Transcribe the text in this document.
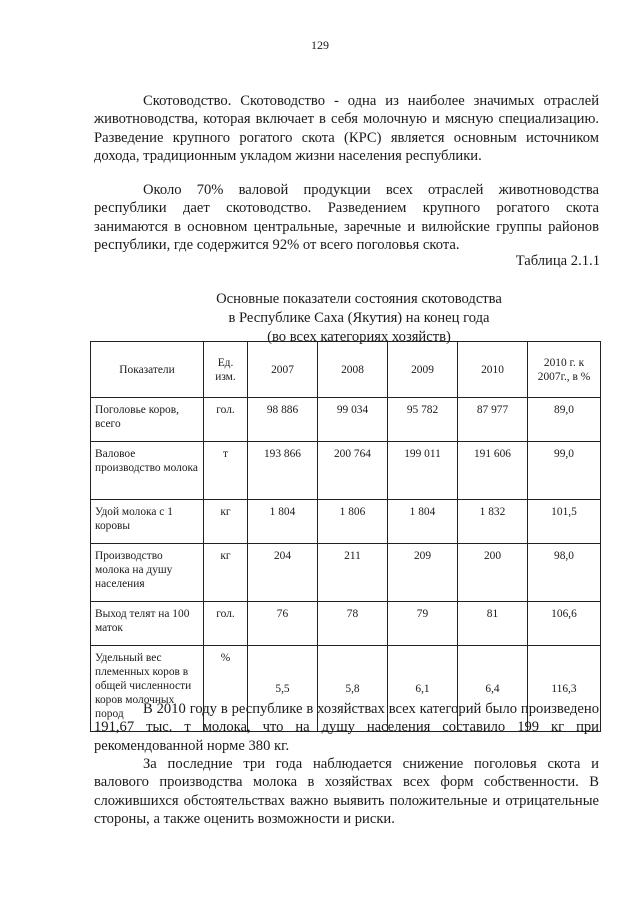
129

Скотоводство. Скотоводство - одна из наиболее значимых отраслей животноводства, которая включает в себя молочную и мясную специализацию. Разведение крупного рогатого скота (КРС) является основным источником дохода, традиционным укладом жизни населения республики.

Около 70% валовой продукции всех отраслей животноводства республики дает скотоводство. Разведением крупного рогатого скота занимаются в основном центральные, заречные и вилюйские группы районов республики, где содержится 92% от всего поголовья скота.

Таблица 2.1.1
Основные показатели состояния скотоводства
в Республике Саха (Якутия) на конец года
(во всех категориях хозяйств)
Показатели	Ед. изм.	2007	2008	2009	2010	2010 г. к 2007г., в %
Поголовье коров, всего	гол.	98 886	99 034	95 782	87 977	89,0
Валовое производство молока	т	193 866	200 764	199 011	191 606	99,0
Удой молока с 1 коровы	кг	1 804	1 806	1 804	1 832	101,5
Производство молока на душу населения	кг	204	211	209	200	98,0
Выход телят на 100 маток	гол.	76	78	79	81	106,6
Удельный вес племенных коров в общей численности коров молочных пород	%	5,5	5,8	6,1	6,4	116,3

В 2010 году в республике в хозяйствах всех категорий было произведено 191,67 тыс. т молока, что на душу населения составило 199 кг при рекомендованной норме 380 кг.

За последние три года наблюдается снижение поголовья скота и валового производства молока в хозяйствах всех форм собственности. В сложившихся обстоятельствах важно выявить положительные и отрицательные стороны, а также оценить возможности и риски.
